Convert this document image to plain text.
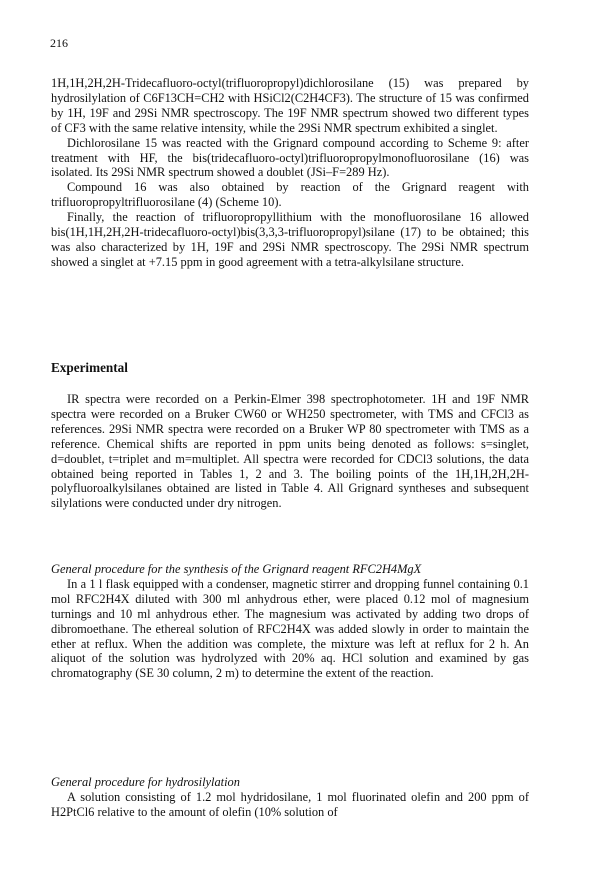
216

1H,1H,2H,2H-Tridecafluoro-octyl(trifluoropropyl)dichlorosilane (15) was prepared by hydrosilylation of C6F13CH=CH2 with HSiCl2(C2H4CF3). The structure of 15 was confirmed by 1H, 19F and 29Si NMR spectroscopy. The 19F NMR spectrum showed two different types of CF3 with the same relative intensity, while the 29Si NMR spectrum exhibited a singlet.

Dichlorosilane 15 was reacted with the Grignard compound according to Scheme 9: after treatment with HF, the bis(tridecafluoro-octyl)trifluoropropylmonofluorosilane (16) was isolated. Its 29Si NMR spectrum showed a doublet (JSi–F=289 Hz).

Compound 16 was also obtained by reaction of the Grignard reagent with trifluoropropyltrifluorosilane (4) (Scheme 10).

Finally, the reaction of trifluoropropyllithium with the monofluorosilane 16 allowed bis(1H,1H,2H,2H-tridecafluoro-octyl)bis(3,3,3-trifluoropropyl)silane (17) to be obtained; this was also characterized by 1H, 19F and 29Si NMR spectroscopy. The 29Si NMR spectrum showed a singlet at +7.15 ppm in good agreement with a tetra-alkylsilane structure.

Experimental

IR spectra were recorded on a Perkin-Elmer 398 spectrophotometer. 1H and 19F NMR spectra were recorded on a Bruker CW60 or WH250 spectrometer, with TMS and CFCl3 as references. 29Si NMR spectra were recorded on a Bruker WP 80 spectrometer with TMS as a reference. Chemical shifts are reported in ppm units being denoted as follows: s=singlet, d=doublet, t=triplet and m=multiplet. All spectra were recorded for CDCl3 solutions, the data obtained being reported in Tables 1, 2 and 3. The boiling points of the 1H,1H,2H,2H-polyfluoroalkylsilanes obtained are listed in Table 4. All Grignard syntheses and subsequent silylations were conducted under dry nitrogen.

General procedure for the synthesis of the Grignard reagent RFC2H4MgX

In a 1 l flask equipped with a condenser, magnetic stirrer and dropping funnel containing 0.1 mol RFC2H4X diluted with 300 ml anhydrous ether, were placed 0.12 mol of magnesium turnings and 10 ml anhydrous ether. The magnesium was activated by adding two drops of dibromoethane. The ethereal solution of RFC2H4X was added slowly in order to maintain the ether at reflux. When the addition was complete, the mixture was left at reflux for 2 h. An aliquot of the solution was hydrolyzed with 20% aq. HCl solution and examined by gas chromatography (SE 30 column, 2 m) to determine the extent of the reaction.

General procedure for hydrosilylation

A solution consisting of 1.2 mol hydridosilane, 1 mol fluorinated olefin and 200 ppm of H2PtCl6 relative to the amount of olefin (10% solution of
